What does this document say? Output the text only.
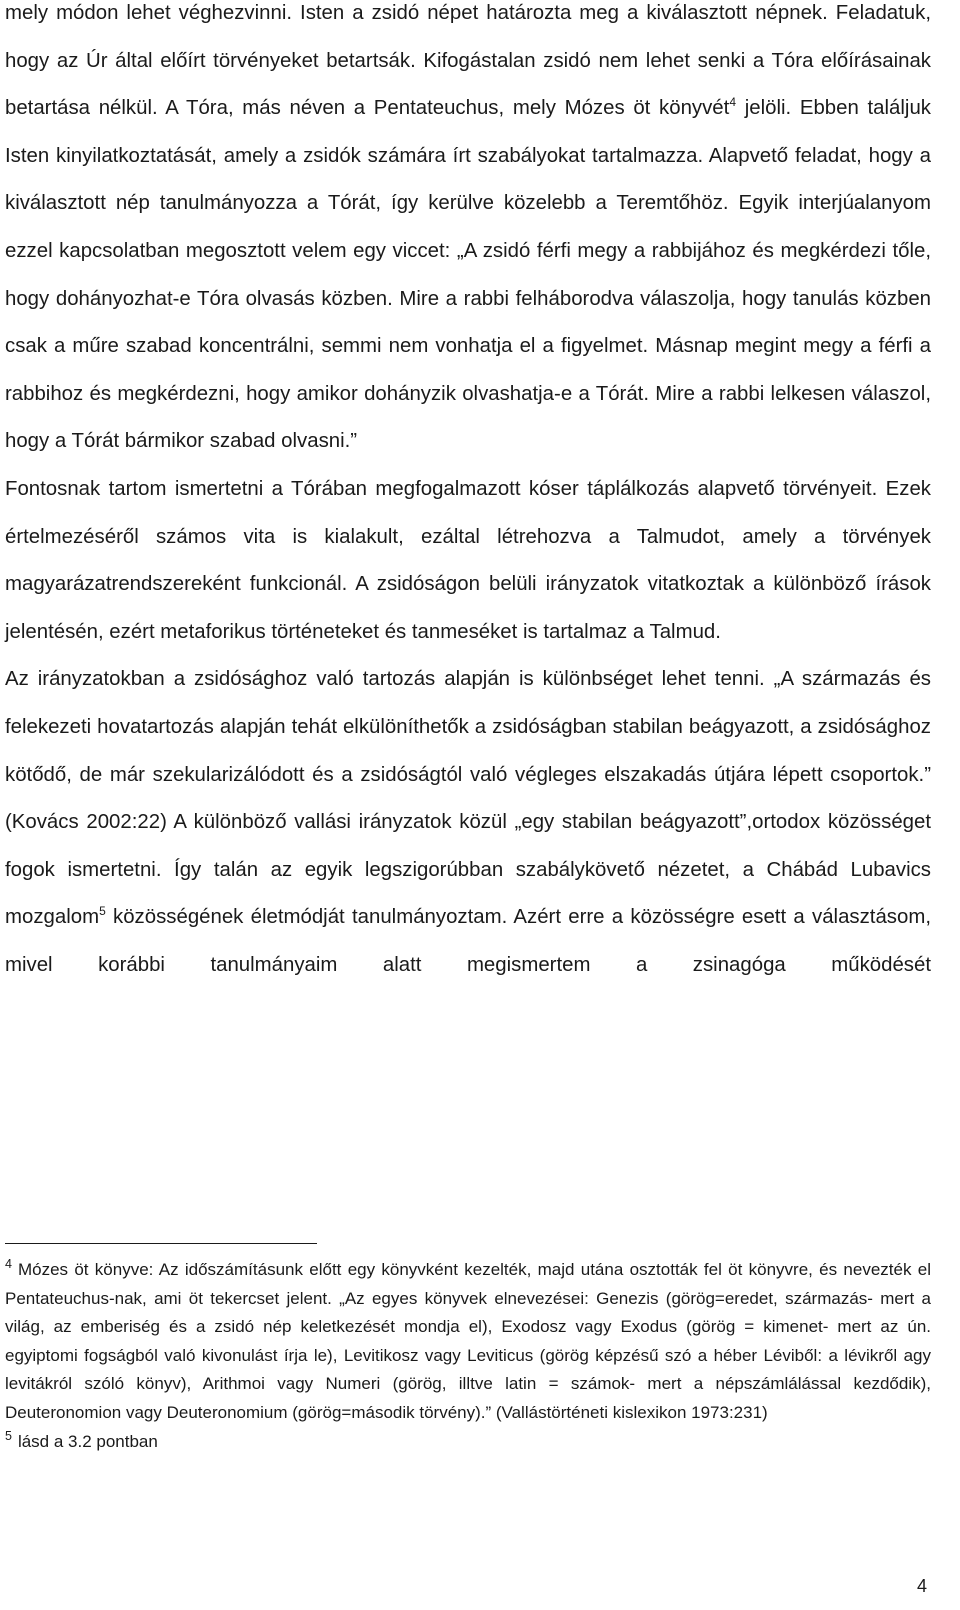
mely módon lehet véghezvinni. Isten a zsidó népet határozta meg a kiválasztott népnek. Feladatuk, hogy az Úr által előírt törvényeket betartsák. Kifogástalan zsidó nem lehet senki a Tóra előírásainak betartása nélkül. A Tóra, más néven a Pentateuchus, mely Mózes öt könyvét$^4$ jelöli. Ebben találjuk Isten kinyilatkoztatását, amely a zsidók számára írt szabályokat tartalmazza. Alapvető feladat, hogy a kiválasztott nép tanulmányozza a Tórát, így kerülve közelebb a Teremtőhöz. Egyik interjúalanyom ezzel kapcsolatban megosztott velem egy viccet: „A zsidó férfi megy a rabbijához és megkérdezi tőle, hogy dohányozhat-e Tóra olvasás közben. Mire a rabbi felháborodva válaszolja, hogy tanulás közben csak a műre szabad koncentrálni, semmi nem vonhatja el a figyelmet. Másnap megint megy a férfi a rabbihoz és megkérdezni, hogy amikor dohányzik olvashatja-e a Tórát. Mire a rabbi lelkesen válaszol, hogy a Tórát bármikor szabad olvasni.”

Fontosnak tartom ismertetni a Tórában megfogalmazott kóser táplálkozás alapvető törvényeit. Ezek értelmezéséről számos vita is kialakult, ezáltal létrehozva a Talmudot, amely a törvények magyarázatrendszereként funkcionál. A zsidóságon belüli irányzatok vitatkoztak a különböző írások jelentésén, ezért metaforikus történeteket és tanmeséket is tartalmaz a Talmud.

Az irányzatokban a zsidósághoz való tartozás alapján is különbséget lehet tenni. „A származás és felekezeti hovatartozás alapján tehát elkülöníthetők a zsidóságban stabilan beágyazott, a zsidósághoz kötődő, de már szekularizálódott és a zsidóságtól való végleges elszakadás útjára lépett csoportok.” (Kovács 2002:22) A különböző vallási irányzatok közül „egy stabilan beágyazott”,ortodox közösséget fogok ismertetni. Így talán az egyik legszigorúbban szabálykövető nézetet, a Chábád Lubavics mozgalom$^5$ közösségének életmódját tanulmányoztam. Azért erre a közösségre esett a választásom, mivel korábbi tanulmányaim alatt megismertem a zsinagóga működését

$^4$ Mózes öt könyve: Az időszámításunk előtt egy könyvként kezelték, majd utána osztották fel öt könyvre, és nevezték el Pentateuchus-nak, ami öt tekercset jelent. „Az egyes könyvek elnevezései: Genezis (görög=eredet, származás- mert a világ, az emberiség és a zsidó nép keletkezését mondja el), Exodosz vagy Exodus (görög = kimenet- mert az ún. egyiptomi fogságból való kivonulást írja le), Levitikosz vagy Leviticus (görög képzésű szó a héber Léviből: a lévikről agy levitákról szóló könyv), Arithmoi vagy Numeri (görög, illtve latin = számok- mert a népszámlálással kezdődik), Deuteronomion vagy Deuteronomium (görög=második törvény).” (Vallástörténeti kislexikon 1973:231)

$^5$ lásd a 3.2 pontban

4
